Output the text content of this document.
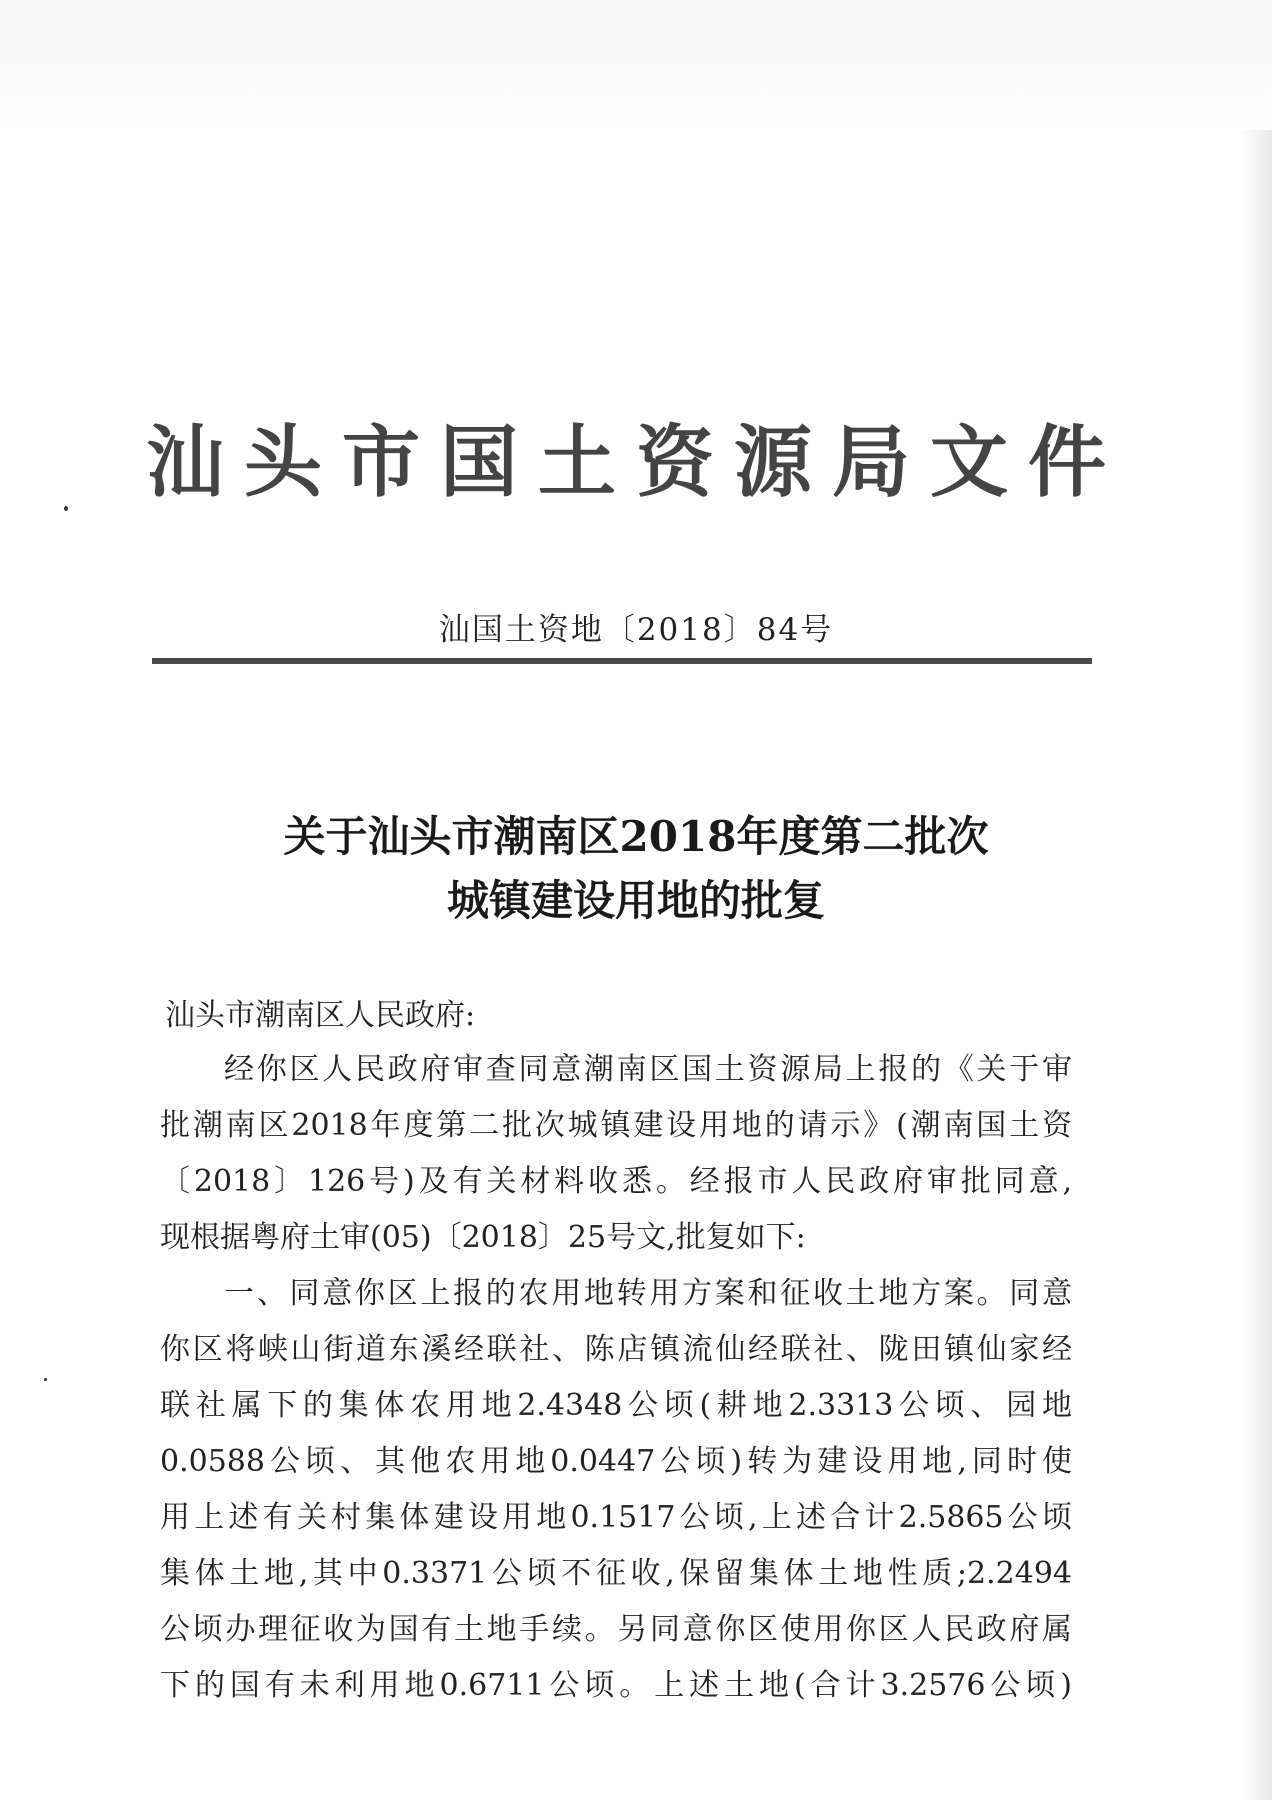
汕头市国土资源局文件
汕国土资地〔2018〕84号
关于汕头市潮南区2018年度第二批次
城镇建设用地的批复
汕头市潮南区人民政府:
经你区人民政府审查同意潮南区国土资源局上报的《关于审
批潮南区2018年度第二批次城镇建设用地的请示》(潮南国土资
〔2018〕126号)及有关材料收悉。经报市人民政府审批同意,
现根据粤府土审(05)〔2018〕25号文,批复如下:
一、同意你区上报的农用地转用方案和征收土地方案。同意
你区将峡山街道东溪经联社、陈店镇流仙经联社、陇田镇仙家经
联社属下的集体农用地2.4348公顷(耕地2.3313公顷、园地
0.0588公顷、其他农用地0.0447公顷)转为建设用地,同时使
用上述有关村集体建设用地0.1517公顷,上述合计2.5865公顷
集体土地,其中0.3371公顷不征收,保留集体土地性质;2.2494
公顷办理征收为国有土地手续。另同意你区使用你区人民政府属
下的国有未利用地0.6711公顷。上述土地(合计3.2576公顷)
